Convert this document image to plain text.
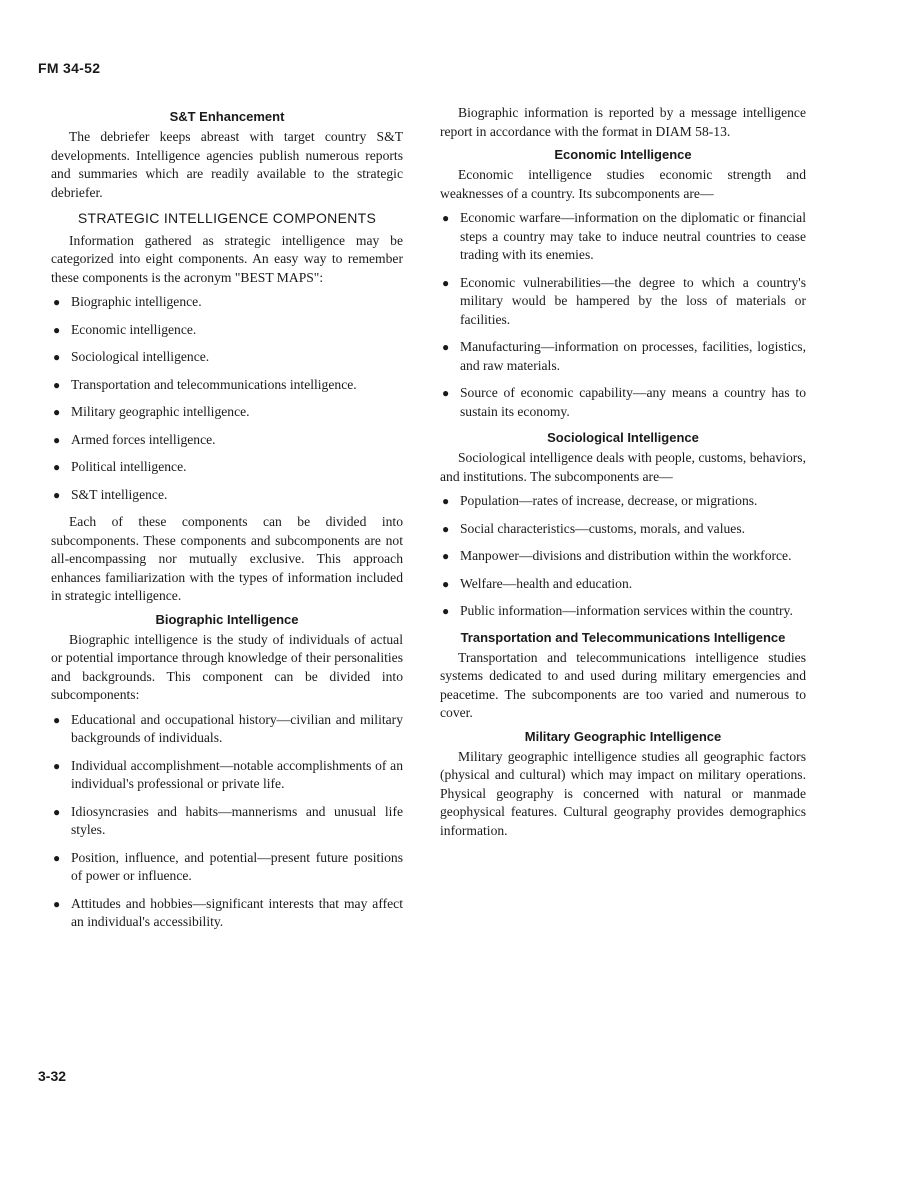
FM 34-52
S&T Enhancement

The debriefer keeps abreast with target country S&T developments. Intelligence agencies publish numerous reports and summaries which are readily available to the strategic debriefer.

STRATEGIC INTELLIGENCE COMPONENTS

Information gathered as strategic intelligence may be categorized into eight components. An easy way to remember these components is the acronym "BEST MAPS":

● Biographic intelligence.
● Economic intelligence.
● Sociological intelligence.
● Transportation and telecommunications intelligence.
● Military geographic intelligence.
● Armed forces intelligence.
● Political intelligence.
● S&T intelligence.

Each of these components can be divided into subcomponents. These components and subcomponents are not all-encompassing nor mutually exclusive. This approach enhances familiarization with the types of information included in strategic intelligence.

Biographic Intelligence

Biographic intelligence is the study of individuals of actual or potential importance through knowledge of their personalities and backgrounds. This component can be divided into subcomponents:

● Educational and occupational history—civilian and military backgrounds of individuals.
● Individual accomplishment—notable accomplishments of an individual's professional or private life.
● Idiosyncrasies and habits—mannerisms and unusual life styles.
● Position, influence, and potential—present future positions of power or influence.
● Attitudes and hobbies—significant interests that may affect an individual's accessibility.

Biographic information is reported by a message intelligence report in accordance with the format in DIAM 58-13.

Economic Intelligence

Economic intelligence studies economic strength and weaknesses of a country. Its subcomponents are—

● Economic warfare—information on the diplomatic or financial steps a country may take to induce neutral countries to cease trading with its enemies.
● Economic vulnerabilities—the degree to which a country's military would be hampered by the loss of materials or facilities.
● Manufacturing—information on processes, facilities, logistics, and raw materials.
● Source of economic capability—any means a country has to sustain its economy.
Sociological Intelligence

Sociological intelligence deals with people, customs, behaviors, and institutions. The subcomponents are—

● Population—rates of increase, decrease, or migrations.
● Social characteristics—customs, morals, and values.
● Manpower—divisions and distribution within the workforce.
● Welfare—health and education.
● Public information—information services within the country.
Transportation and Telecommunications Intelligence

Transportation and telecommunications intelligence studies systems dedicated to and used during military emergencies and peacetime. The subcomponents are too varied and numerous to cover.

Military Geographic Intelligence

Military geographic intelligence studies all geographic factors (physical and cultural) which may impact on military operations. Physical geography is concerned with natural or manmade geophysical features. Cultural geography provides demographics information.

3-32
